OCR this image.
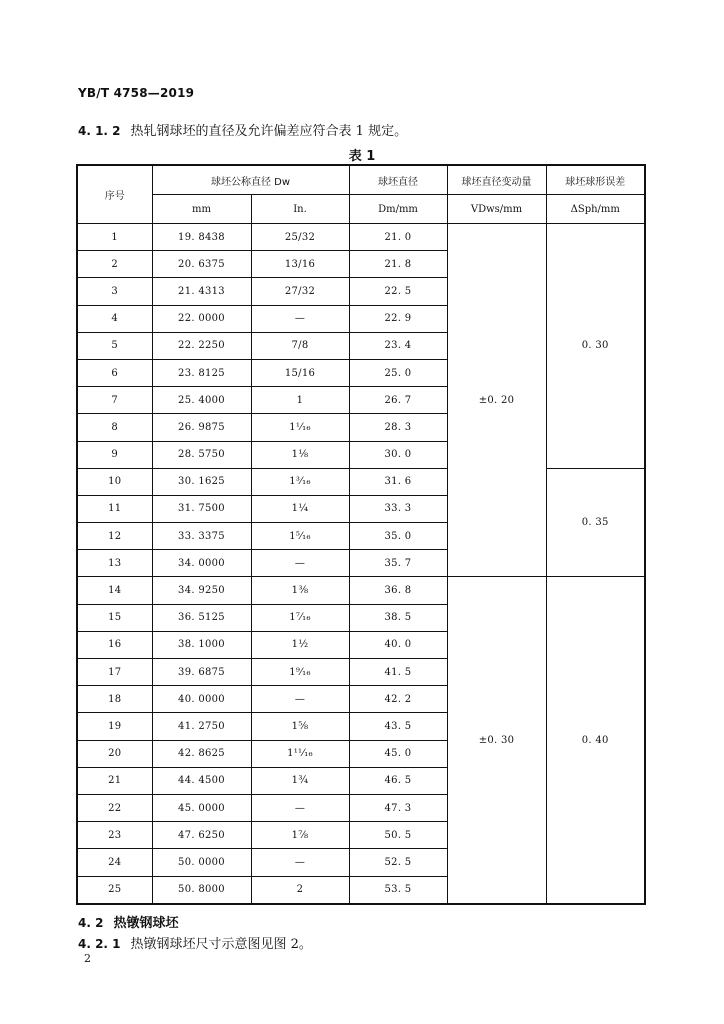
YB/T 4758—2019
4. 1. 2 热轧钢球坯的直径及允许偏差应符合表 1 规定。
表 1
序号	球坯公称直径 Dw		球坯直径	球坯直径变动量	球坯球形误差
	mm	In.	Dm/mm	VDws/mm	ΔSph/mm
1	19. 8438	25/32	21. 0	±0. 20	0. 30
2	20. 6375	13/16	21. 8		
3	21. 4313	27/32	22. 5		
4	22. 0000	—	22. 9		
5	22. 2250	7/8	23. 4		
6	23. 8125	15/16	25. 0		
7	25. 4000	1	26. 7		
8	26. 9875	1¹⁄₁₆	28. 3		
9	28. 5750	1⅛	30. 0		
10	30. 1625	1³⁄₁₆	31. 6		0. 35
11	31. 7500	1¼	33. 3		
12	33. 3375	1⁵⁄₁₆	35. 0		
13	34. 0000	—	35. 7		
14	34. 9250	1⅜	36. 8	±0. 30	0. 40
15	36. 5125	1⁷⁄₁₆	38. 5		
16	38. 1000	1½	40. 0		
17	39. 6875	1⁹⁄₁₆	41. 5		
18	40. 0000	—	42. 2		
19	41. 2750	1⅝	43. 5		
20	42. 8625	1¹¹⁄₁₆	45. 0		
21	44. 4500	1¾	46. 5		
22	45. 0000	—	47. 3		
23	47. 6250	1⅞	50. 5		
24	50. 0000	—	52. 5		
25	50. 8000	2	53. 5		
4. 2 热镦钢球坯
4. 2. 1 热镦钢球坯尺寸示意图见图 2。
2
